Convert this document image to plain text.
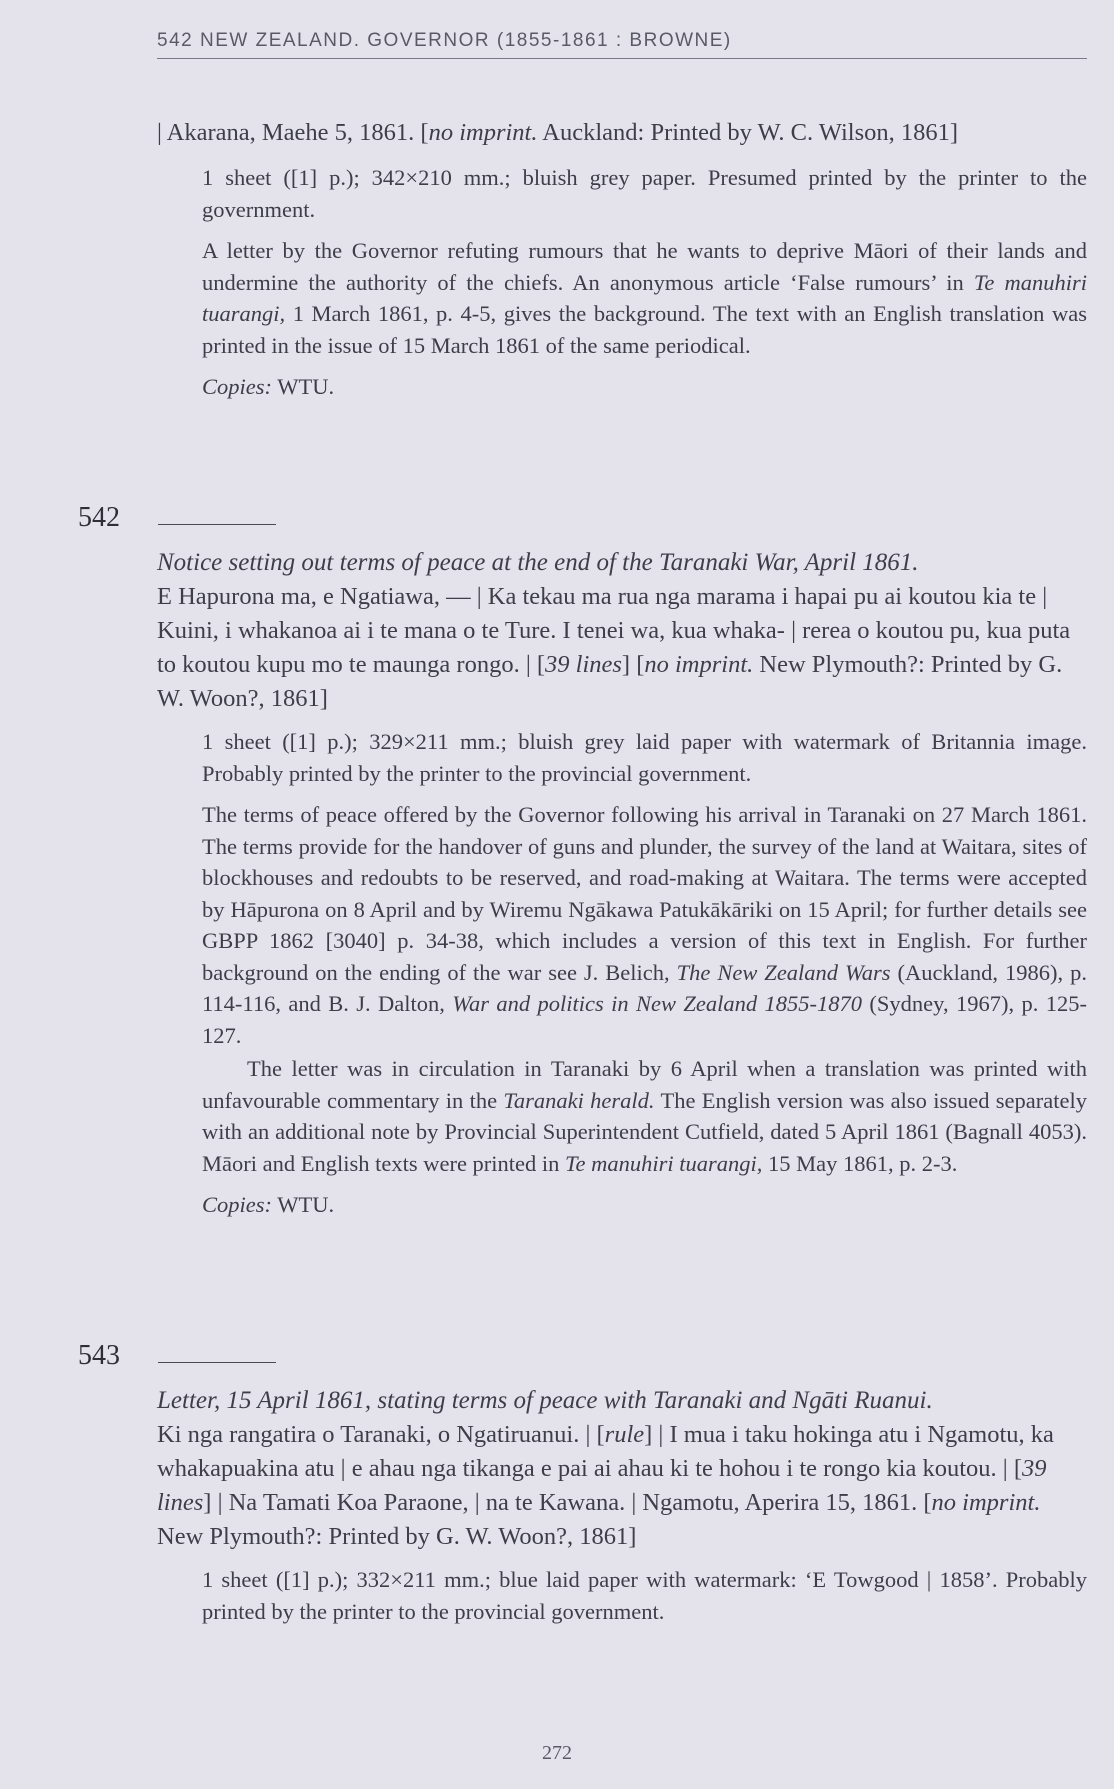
542 NEW ZEALAND. GOVERNOR (1855-1861 : BROWNE)
| Akarana, Maehe 5, 1861. [no imprint. Auckland: Printed by W. C. Wilson, 1861]

1 sheet ([1] p.); 342×210 mm.; bluish grey paper. Presumed printed by the printer to the government.

A letter by the Governor refuting rumours that he wants to deprive Māori of their lands and undermine the authority of the chiefs. An anonymous article ‘False rumours’ in Te manuhiri tuarangi, 1 March 1861, p. 4-5, gives the background. The text with an English translation was printed in the issue of 15 March 1861 of the same periodical.

Copies: WTU.

542
Notice setting out terms of peace at the end of the Taranaki War, April 1861.
E Hapurona ma, e Ngatiawa, — | Ka tekau ma rua nga marama i hapai pu ai koutou kia te | Kuini, i whakanoa ai i te mana o te Ture. I tenei wa, kua whaka- | rerea o koutou pu, kua puta to koutou kupu mo te maunga rongo. | [39 lines] [no imprint. New Plymouth?: Printed by G. W. Woon?, 1861]

1 sheet ([1] p.); 329×211 mm.; bluish grey laid paper with watermark of Britannia image. Probably printed by the printer to the provincial government.

The terms of peace offered by the Governor following his arrival in Taranaki on 27 March 1861. The terms provide for the handover of guns and plunder, the survey of the land at Waitara, sites of blockhouses and redoubts to be reserved, and road-making at Waitara. The terms were accepted by Hāpurona on 8 April and by Wiremu Ngākawa Patukākāriki on 15 April; for further details see GBPP 1862 [3040] p. 34-38, which includes a version of this text in English. For further background on the ending of the war see J. Belich, The New Zealand Wars (Auckland, 1986), p. 114-116, and B. J. Dalton, War and politics in New Zealand 1855-1870 (Sydney, 1967), p. 125-127.

The letter was in circulation in Taranaki by 6 April when a translation was printed with unfavourable commentary in the Taranaki herald. The English version was also issued separately with an additional note by Provincial Superintendent Cutfield, dated 5 April 1861 (Bagnall 4053). Māori and English texts were printed in Te manuhiri tuarangi, 15 May 1861, p. 2-3.

Copies: WTU.

543
Letter, 15 April 1861, stating terms of peace with Taranaki and Ngāti Ruanui.
Ki nga rangatira o Taranaki, o Ngatiruanui. | [rule] | I mua i taku hokinga atu i Ngamotu, ka whakapuakina atu | e ahau nga tikanga e pai ai ahau ki te hohou i te rongo kia koutou. | [39 lines] | Na Tamati Koa Paraone, | na te Kawana. | Ngamotu, Aperira 15, 1861. [no imprint. New Plymouth?: Printed by G. W. Woon?, 1861]

1 sheet ([1] p.); 332×211 mm.; blue laid paper with watermark: ‘E Towgood | 1858’. Probably printed by the printer to the provincial government.

272
